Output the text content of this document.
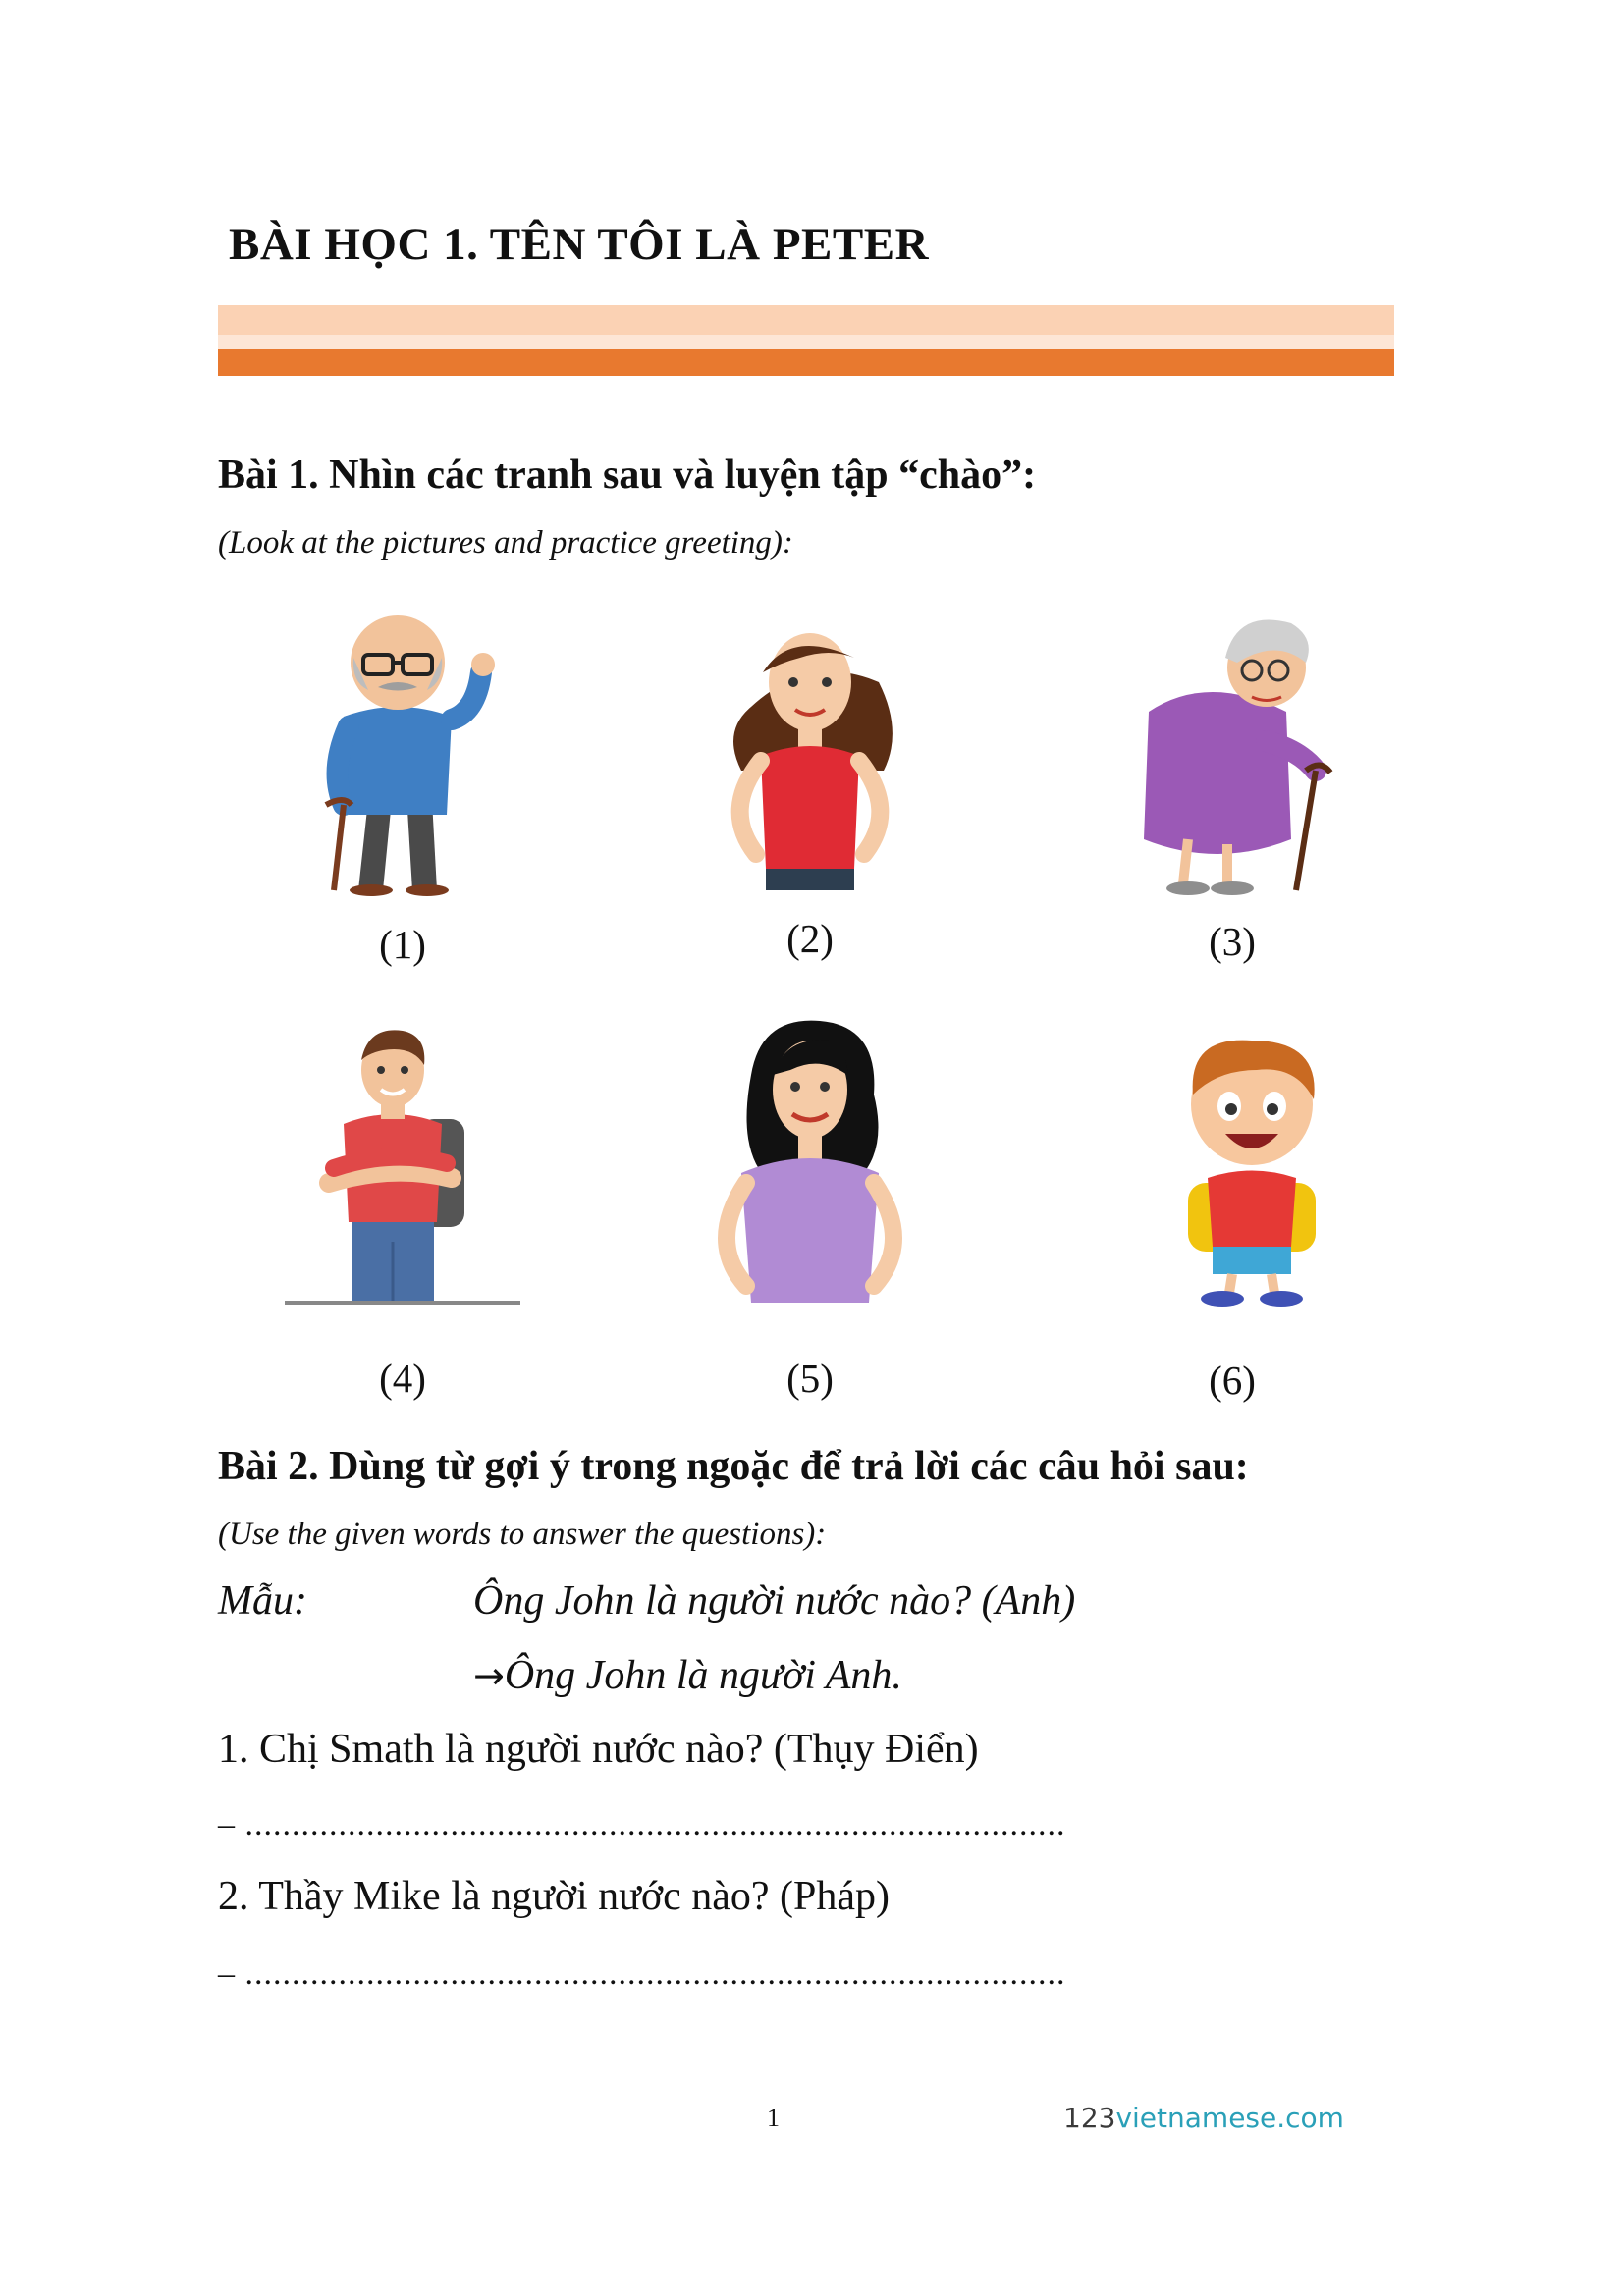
BÀI HỌC 1. TÊN TÔI LÀ PETER
Bài 1. Nhìn các tranh sau và luyện tập “chào”:
(Look at the pictures and practice greeting):
(1)	(2)	(3)
(4)	(5)	(6)
Bài 2. Dùng từ gợi ý trong ngoặc để trả lời các câu hỏi sau:
(Use the given words to answer the questions):
Mẫu:	Ông John là người nước nào? (Anh)
→Ông John là người Anh.
1. Chị Smath là người nước nào? (Thụy Điển)
– ........................................................................................
2. Thầy Mike là người nước nào? (Pháp)
– ........................................................................................
1	123vietnamese.com
